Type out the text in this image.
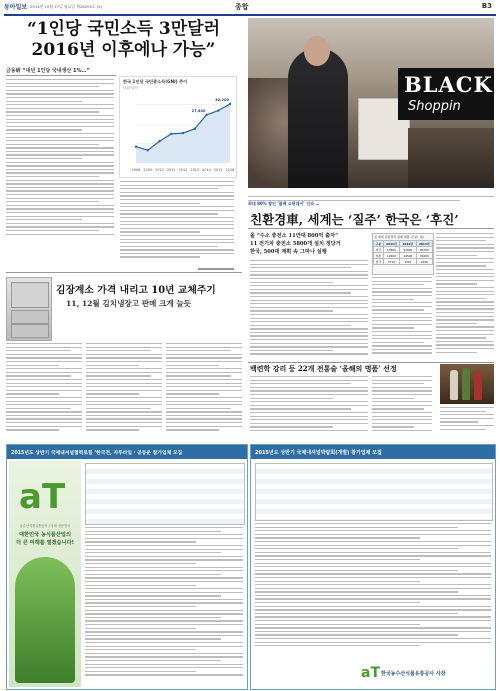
동아일보 2014년 10월 27일 월요일 제28005호 (5)	종합	B3
“1인당 국민소득 3만달러
2016년 이후에나 가능”
금융硏 “내년 1인당 국내생산 1%…”
한국 1인당 국민총소득(GNI) 추이
단위:달러
2008 2009 2010 2011 2012 2013 2014 2015 2016
27,400
30,200
BLACK
Shoppin
최대 80% 할인 ‘블랙 쇼핑데이’ 인파 …
친환경車, 세계는 ‘질주’ 한국은 ‘후진’
올 “수소 충전소 11만대 800억 출자”
11 전기차 충전소 5800개 설치 정당거
한국, 500대 계획 속 그마나 실행
전 세계 친환경차 판매 현황 (단위: 대)
구분	2011년	2012년	2013년
미국	17800	52800	96700
일본	12600	24500	30400
한국	3710	1307	2200
백련학 강리 등 22개 전통술 ‘올해의 명품’ 선정
김장계소 가격 내리고 10년 교체주기
11, 12월 김치냉장고 판매 크게 늘듯
2015년도 상반기 국제내셔널협력로힘 ‘한국전, 자루라일 · 공동운 참가업체 모집
aT
농수산식품유통공사 / 국내 전문전시
대한민국 농식품산업의
더 큰 미래를 열겠습니다!
2015년도 상반기 국제내셔널박람회(개별) 참가업체 모집
aT 한국농수산식품유통공사 사장
